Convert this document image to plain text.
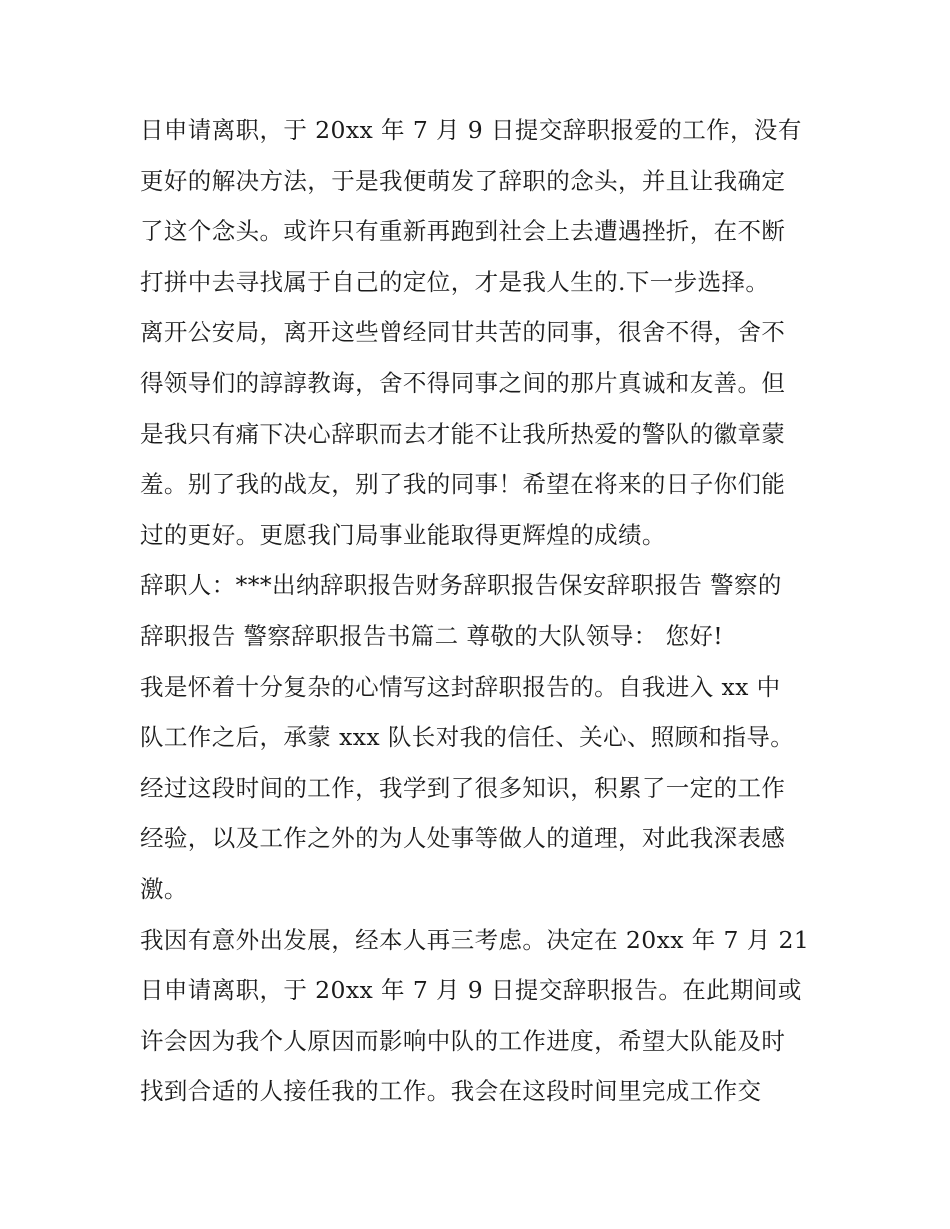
日申请离职，于 20xx 年 7 月 9 日提交辞职报爱的工作，没有
更好的解决方法，于是我便萌发了辞职的念头，并且让我确定
了这个念头。或许只有重新再跑到社会上去遭遇挫折，在不断
打拼中去寻找属于自己的定位，才是我人生的.下一步选择。
离开公安局，离开这些曾经同甘共苦的同事，很舍不得，舍不
得领导们的諄諄教诲，舍不得同事之间的那片真诚和友善。但
是我只有痛下决心辞职而去才能不让我所热爱的警队的徽章蒙
羞。别了我的战友，别了我的同事！希望在将来的日子你们能
过的更好。更愿我门局事业能取得更辉煌的成绩。
辞职人：***出纳辞职报告财务辞职报告保安辞职报告 警察的
辞职报告 警察辞职报告书篇二 尊敬的大队领导： 您好!
我是怀着十分复杂的心情写这封辞职报告的。自我进入 xx 中
队工作之后，承蒙 xxx 队长对我的信任、关心、照顾和指导。
经过这段时间的工作，我学到了很多知识，积累了一定的工作
经验，以及工作之外的为人处事等做人的道理，对此我深表感
激。
我因有意外出发展，经本人再三考虑。决定在 20xx 年 7 月 21
日申请离职，于 20xx 年 7 月 9 日提交辞职报告。在此期间或
许会因为我个人原因而影响中队的工作进度，希望大队能及时
找到合适的人接任我的工作。我会在这段时间里完成工作交
